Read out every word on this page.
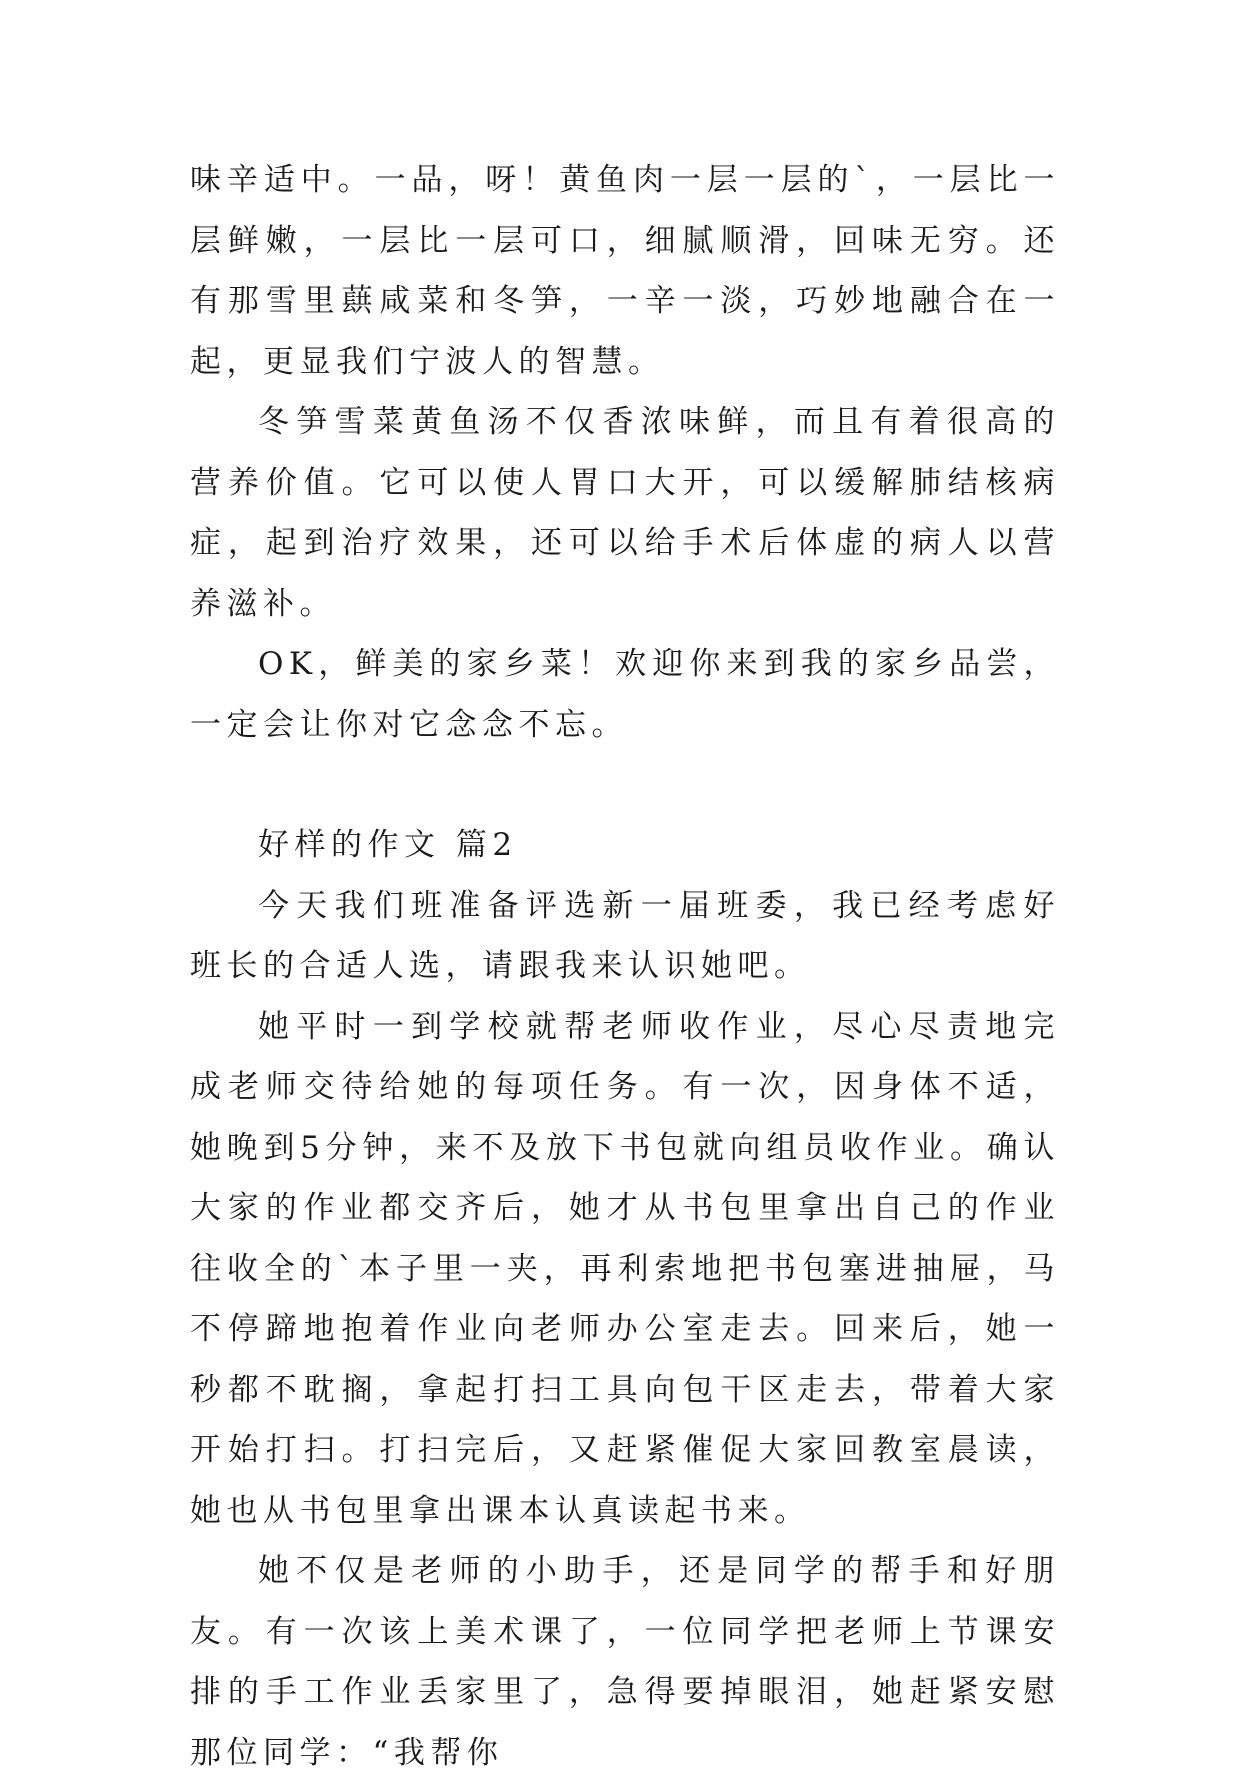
味辛适中。一品，呀！黄鱼肉一层一层的`，一层比一层鲜嫩，一层比一层可口，细腻顺滑，回味无穷。还有那雪里蕻咸菜和冬笋，一辛一淡，巧妙地融合在一起，更显我们宁波人的智慧。

冬笋雪菜黄鱼汤不仅香浓味鲜，而且有着很高的营养价值。它可以使人胃口大开，可以缓解肺结核病症，起到治疗效果，还可以给手术后体虚的病人以营养滋补。

OK，鲜美的家乡菜！欢迎你来到我的家乡品尝，一定会让你对它念念不忘。

好样的作文 篇2

今天我们班准备评选新一届班委，我已经考虑好班长的合适人选，请跟我来认识她吧。

她平时一到学校就帮老师收作业，尽心尽责地完成老师交待给她的每项任务。有一次，因身体不适，她晚到5分钟，来不及放下书包就向组员收作业。确认大家的作业都交齐后，她才从书包里拿出自己的作业往收全的`本子里一夹，再利索地把书包塞进抽屉，马不停蹄地抱着作业向老师办公室走去。回来后，她一秒都不耽搁，拿起打扫工具向包干区走去，带着大家开始打扫。打扫完后，又赶紧催促大家回教室晨读，她也从书包里拿出课本认真读起书来。

她不仅是老师的小助手，还是同学的帮手和好朋友。有一次该上美术课了，一位同学把老师上节课安排的手工作业丢家里了，急得要掉眼泪，她赶紧安慰那位同学：“我帮你
